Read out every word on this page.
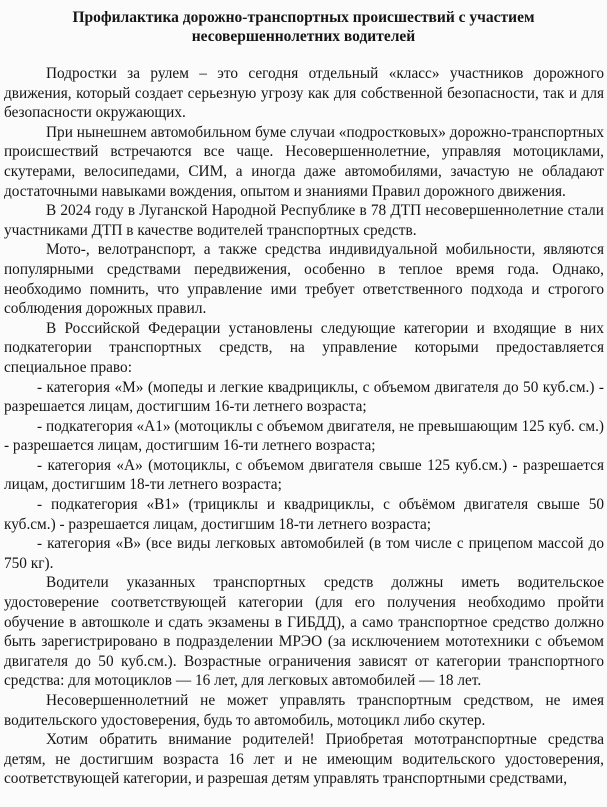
Профилактика дорожно-транспортных происшествий с участием
несовершеннолетних водителей

Подростки за рулем – это сегодня отдельный «класс» участников дорожного движения, который создает серьезную угрозу как для собственной безопасности, так и для безопасности окружающих.

При нынешнем автомобильном буме случаи «подростковых» дорожно-транспортных происшествий встречаются все чаще. Несовершеннолетние, управляя мотоциклами, скутерами, велосипедами, СИМ, а иногда даже автомобилями, зачастую не обладают достаточными навыками вождения, опытом и знаниями Правил дорожного движения.

В 2024 году в Луганской Народной Республике в 78 ДТП несовершеннолетние стали участниками ДТП в качестве водителей транспортных средств.

Мото-, велотранспорт, а также средства индивидуальной мобильности, являются популярными средствами передвижения, особенно в теплое время года. Однако, необходимо помнить, что управление ими требует ответственного подхода и строгого соблюдения дорожных правил.

В Российской Федерации установлены следующие категории и входящие в них подкатегории транспортных средств, на управление которыми предоставляется специальное право:

- категория «М» (мопеды и легкие квадрициклы, с объемом двигателя до 50 куб.см.) - разрешается лицам, достигшим 16-ти летнего возраста;

- подкатегория «А1» (мотоциклы с объемом двигателя, не превышающим 125 куб. см.) - разрешается лицам, достигшим 16-ти летнего возраста;

- категория «А» (мотоциклы, с объемом двигателя свыше 125 куб.см.) - разрешается лицам, достигшим 18-ти летнего возраста;

- подкатегория «В1» (трициклы и квадрициклы, с объёмом двигателя свыше 50 куб.см.) - разрешается лицам, достигшим 18-ти летнего возраста;

- категория «В» (все виды легковых автомобилей (в том числе с прицепом массой до 750 кг).

Водители указанных транспортных средств должны иметь водительское удостоверение соответствующей категории (для его получения необходимо пройти обучение в автошколе и сдать экзамены в ГИБДД), а само транспортное средство должно быть зарегистрировано в подразделении МРЭО (за исключением мототехники с объемом двигателя до 50 куб.см.). Возрастные ограничения зависят от категории транспортного средства: для мотоциклов — 16 лет, для легковых автомобилей — 18 лет.

Несовершеннолетний не может управлять транспортным средством, не имея водительского удостоверения, будь то автомобиль, мотоцикл либо скутер.

Хотим обратить внимание родителей! Приобретая мототранспортные средства детям, не достигшим возраста 16 лет и не имеющим водительского удостоверения, соответствующей категории, и разрешая детям управлять транспортными средствами,
